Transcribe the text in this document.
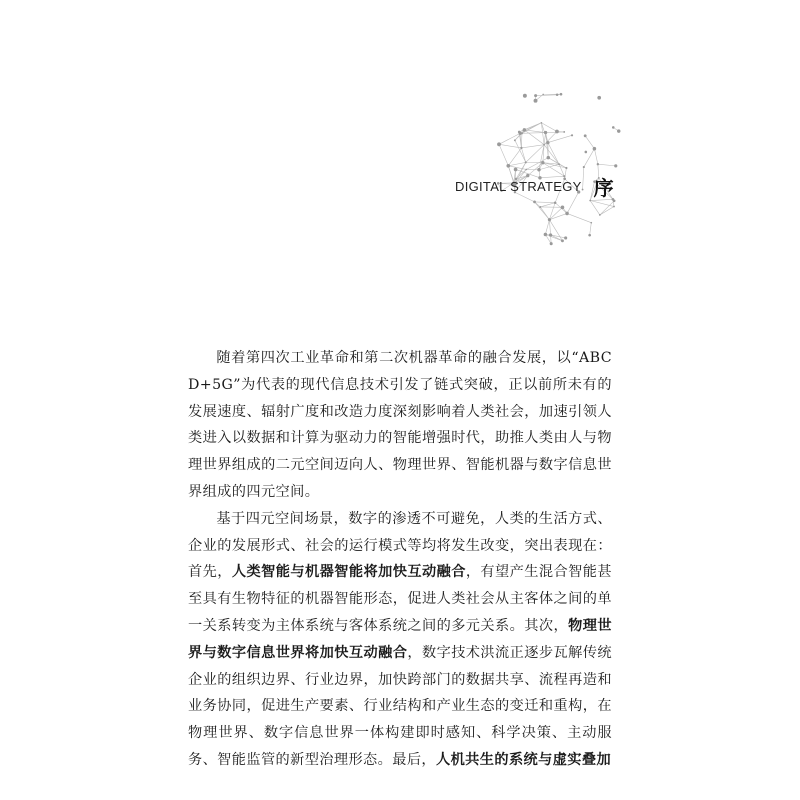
DIGITAL STRATEGY 序

随着第四次工业革命和第二次机器革命的融合发展，以“ABCD+5G”为代表的现代信息技术引发了链式突破，正以前所未有的发展速度、辐射广度和改造力度深刻影响着人类社会，加速引领人类进入以数据和计算为驱动力的智能增强时代，助推人类由人与物理世界组成的二元空间迈向人、物理世界、智能机器与数字信息世界组成的四元空间。

基于四元空间场景，数字的渗透不可避免，人类的生活方式、企业的发展形式、社会的运行模式等均将发生改变，突出表现在：首先，人类智能与机器智能将加快互动融合，有望产生混合智能甚至具有生物特征的机器智能形态，促进人类社会从主客体之间的单一关系转变为主体系统与客体系统之间的多元关系。其次，物理世界与数字信息世界将加快互动融合，数字技术洪流正逐步瓦解传统企业的组织边界、行业边界，加快跨部门的数据共享、流程再造和业务协同，促进生产要素、行业结构和产业生态的变迁和重构，在物理世界、数字信息世界一体构建即时感知、科学决策、主动服务、智能监管的新型治理形态。最后，人机共生的系统与虚实叠加
